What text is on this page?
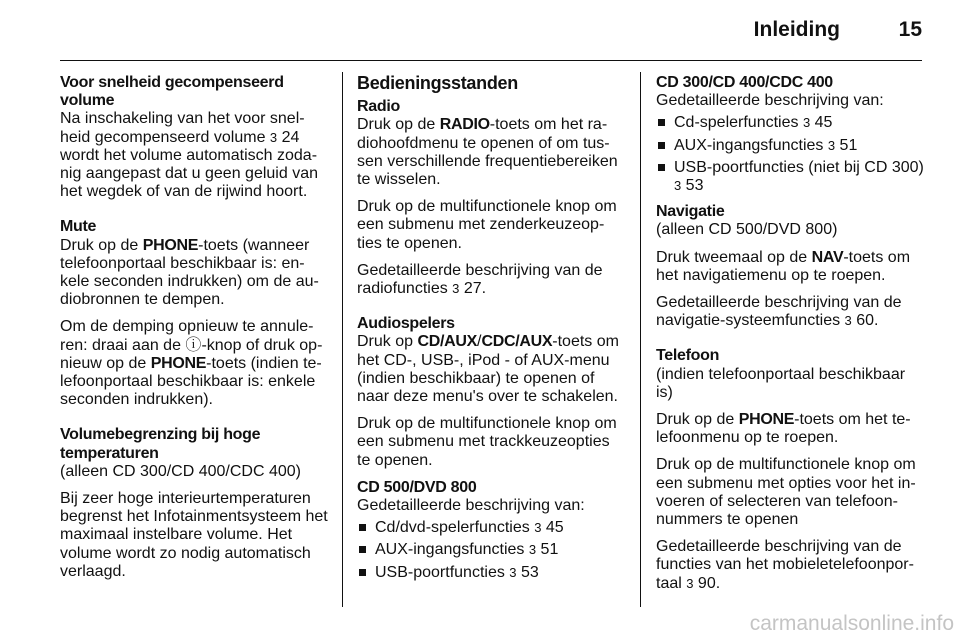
Inleiding	15
Voor snelheid gecompenseerd volume

Na inschakeling van het voor snel-heid gecompenseerd volume 3 24 wordt het volume automatisch zoda-nig aangepast dat u geen geluid van het wegdek of van de rijwind hoort.

Mute

Druk op de PHONE-toets (wanneer telefoonportaal beschikbaar is: en-kele seconden indrukken) om de au-diobronnen te dempen.

Om de demping opnieuw te annule-ren: draai aan de ⓘ-knop of druk op-nieuw op de PHONE-toets (indien te-lefoonportaal beschikbaar is: enkele seconden indrukken).

Volumebegrenzing bij hoge temperaturen

(alleen CD 300/CD 400/CDC 400)

Bij zeer hoge interieurtemperaturen begrenst het Infotainmentsysteem het maximaal instelbare volume. Het volume wordt zo nodig automatisch verlaagd.

Bedieningsstanden
Radio

Druk op de RADIO-toets om het ra-diohoofdmenu te openen of om tus-sen verschillende frequentiebereiken te wisselen.

Druk op de multifunctionele knop om een submenu met zenderkeuzeop-ties te openen.

Gedetailleerde beschrijving van de radiofuncties 3 27.

Audiospelers

Druk op CD/AUX/CDC/AUX-toets om het CD-, USB-, iPod - of AUX-menu (indien beschikbaar) te openen of naar deze menu's over te schakelen.

Druk op de multifunctionele knop om een submenu met trackkeuzeopties te openen.

CD 500/DVD 800

Gedetailleerde beschrijving van:

Cd/dvd-spelerfuncties 3 45
AUX-ingangsfuncties 3 51
USB-poortfuncties 3 53
CD 300/CD 400/CDC 400

Gedetailleerde beschrijving van:

Cd-spelerfuncties 3 45
AUX-ingangsfuncties 3 51
USB-poortfuncties (niet bij CD 300) 3 53
Navigatie

(alleen CD 500/DVD 800)

Druk tweemaal op de NAV-toets om het navigatiemenu op te roepen.

Gedetailleerde beschrijving van de navigatie-systeemfuncties 3 60.

Telefoon

(indien telefoonportaal beschikbaar is)

Druk op de PHONE-toets om het te-lefoonmenu op te roepen.

Druk op de multifunctionele knop om een submenu met opties voor het in-voeren of selecteren van telefoon-nummers te openen

Gedetailleerde beschrijving van de functies van het mobieletelefoonpor-taal 3 90.

carmanualsonline.info
